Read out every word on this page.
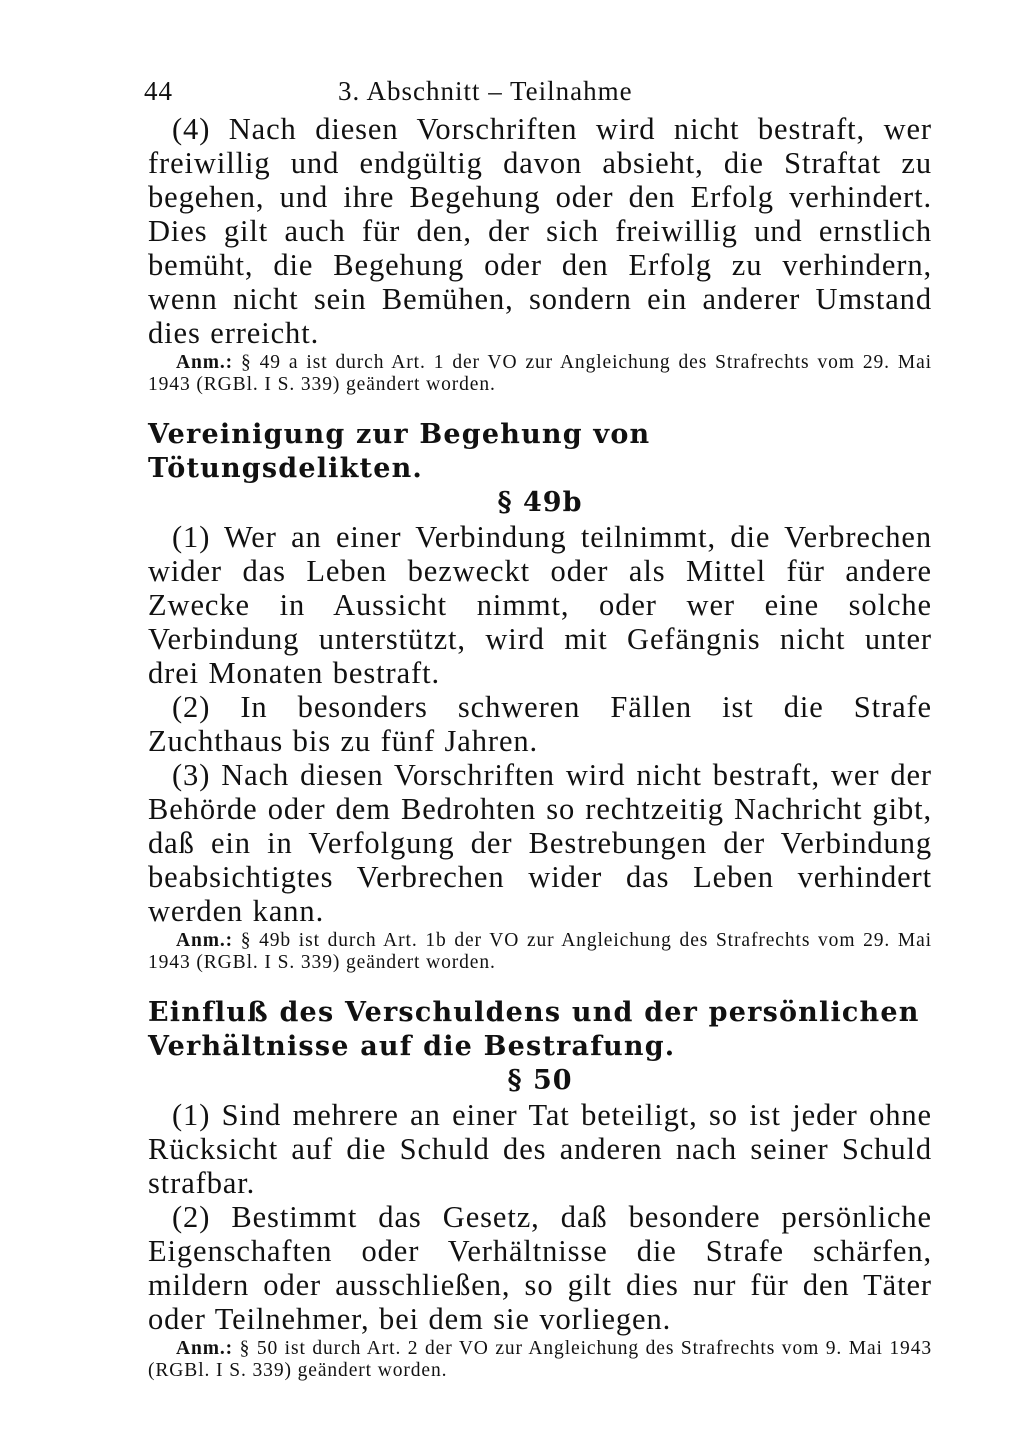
44	3. Abschnitt – Teilnahme

(4) Nach diesen Vorschriften wird nicht bestraft, wer freiwillig und endgültig davon absieht, die Straftat zu begehen, und ihre Begehung oder den Erfolg verhindert. Dies gilt auch für den, der sich freiwillig und ernstlich bemüht, die Begehung oder den Erfolg zu verhindern, wenn nicht sein Bemühen, sondern ein anderer Umstand dies erreicht.

Anm.: § 49 a ist durch Art. 1 der VO zur Angleichung des Strafrechts vom 29. Mai 1943 (RGBl. I S. 339) geändert worden.

Vereinigung zur Begehung von Tötungsdelikten.

§ 49b

(1) Wer an einer Verbindung teilnimmt, die Verbrechen wider das Leben bezweckt oder als Mittel für andere Zwecke in Aussicht nimmt, oder wer eine solche Verbindung unterstützt, wird mit Gefängnis nicht unter drei Monaten bestraft.

(2) In besonders schweren Fällen ist die Strafe Zuchthaus bis zu fünf Jahren.

(3) Nach diesen Vorschriften wird nicht bestraft, wer der Behörde oder dem Bedrohten so rechtzeitig Nachricht gibt, daß ein in Verfolgung der Bestrebungen der Verbindung beabsichtigtes Verbrechen wider das Leben verhindert werden kann.

Anm.: § 49b ist durch Art. 1b der VO zur Angleichung des Strafrechts vom 29. Mai 1943 (RGBl. I S. 339) geändert worden.

Einfluß des Verschuldens und der persönlichen Verhältnisse auf die Bestrafung.

§ 50

(1) Sind mehrere an einer Tat beteiligt, so ist jeder ohne Rücksicht auf die Schuld des anderen nach seiner Schuld strafbar.

(2) Bestimmt das Gesetz, daß besondere persönliche Eigenschaften oder Verhältnisse die Strafe schärfen, mildern oder ausschließen, so gilt dies nur für den Täter oder Teilnehmer, bei dem sie vorliegen.

Anm.: § 50 ist durch Art. 2 der VO zur Angleichung des Strafrechts vom 9. Mai 1943 (RGBl. I S. 339) geändert worden.
